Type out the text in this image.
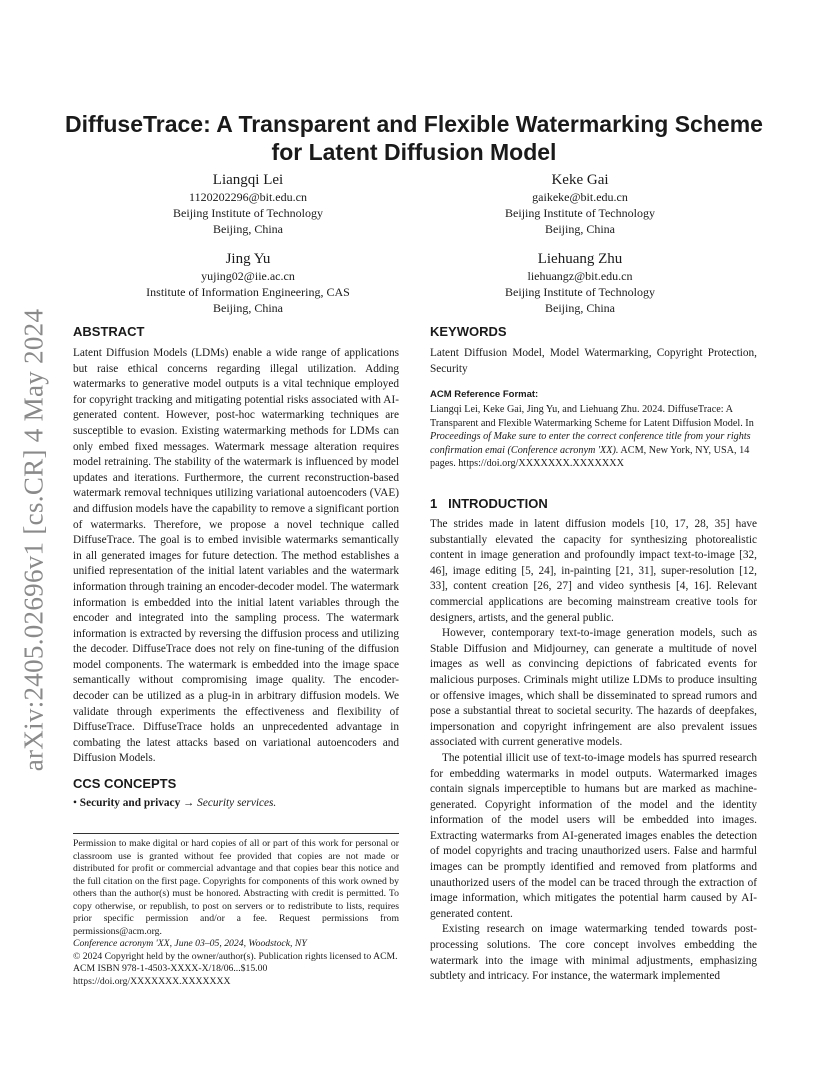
arXiv:2405.02696v1 [cs.CR] 4 May 2024
DiffuseTrace: A Transparent and Flexible Watermarking Scheme
for Latent Diffusion Model
Liangqi Lei
1120202296@bit.edu.cn
Beijing Institute of Technology
Beijing, China
Keke Gai
gaikeke@bit.edu.cn
Beijing Institute of Technology
Beijing, China
Jing Yu
yujing02@iie.ac.cn
Institute of Information Engineering, CAS
Beijing, China
Liehuang Zhu
liehuangz@bit.edu.cn
Beijing Institute of Technology
Beijing, China
ABSTRACT
Latent Diffusion Models (LDMs) enable a wide range of applications but raise ethical concerns regarding illegal utilization. Adding watermarks to generative model outputs is a vital technique employed for copyright tracking and mitigating potential risks associated with AI-generated content. However, post-hoc watermarking techniques are susceptible to evasion. Existing watermarking methods for LDMs can only embed fixed messages. Watermark message alteration requires model retraining. The stability of the watermark is influenced by model updates and iterations. Furthermore, the current reconstruction-based watermark removal techniques utilizing variational autoencoders (VAE) and diffusion models have the capability to remove a significant portion of watermarks. Therefore, we propose a novel technique called DiffuseTrace. The goal is to embed invisible watermarks semantically in all generated images for future detection. The method establishes a unified representation of the initial latent variables and the watermark information through training an encoder-decoder model. The watermark information is embedded into the initial latent variables through the encoder and integrated into the sampling process. The watermark information is extracted by reversing the diffusion process and utilizing the decoder. DiffuseTrace does not rely on fine-tuning of the diffusion model components. The watermark is embedded into the image space semantically without compromising image quality. The encoder-decoder can be utilized as a plug-in in arbitrary diffusion models. We validate through experiments the effectiveness and flexibility of DiffuseTrace. DiffuseTrace holds an unprecedented advantage in combating the latest attacks based on variational autoencoders and Diffusion Models.
CCS CONCEPTS
• Security and privacy → Security services.
Permission to make digital or hard copies of all or part of this work for personal or classroom use is granted without fee provided that copies are not made or distributed for profit or commercial advantage and that copies bear this notice and the full citation on the first page. Copyrights for components of this work owned by others than the author(s) must be honored. Abstracting with credit is permitted. To copy otherwise, or republish, to post on servers or to redistribute to lists, requires prior specific permission and/or a fee. Request permissions from permissions@acm.org.
Conference acronym 'XX, June 03–05, 2024, Woodstock, NY
© 2024 Copyright held by the owner/author(s). Publication rights licensed to ACM.
ACM ISBN 978-1-4503-XXXX-X/18/06...$15.00
https://doi.org/XXXXXXX.XXXXXXX
KEYWORDS
Latent Diffusion Model, Model Watermarking, Copyright Protection, Security
ACM Reference Format:
Liangqi Lei, Keke Gai, Jing Yu, and Liehuang Zhu. 2024. DiffuseTrace: A Transparent and Flexible Watermarking Scheme for Latent Diffusion Model. In Proceedings of Make sure to enter the correct conference title from your rights confirmation emai (Conference acronym 'XX). ACM, New York, NY, USA, 14 pages. https://doi.org/XXXXXXX.XXXXXXX
1 INTRODUCTION
The strides made in latent diffusion models [10, 17, 28, 35] have substantially elevated the capacity for synthesizing photorealistic content in image generation and profoundly impact text-to-image [32, 46], image editing [5, 24], in-painting [21, 31], super-resolution [12, 33], content creation [26, 27] and video synthesis [4, 16]. Relevant commercial applications are becoming mainstream creative tools for designers, artists, and the general public.
However, contemporary text-to-image generation models, such as Stable Diffusion and Midjourney, can generate a multitude of novel images as well as convincing depictions of fabricated events for malicious purposes. Criminals might utilize LDMs to produce insulting or offensive images, which shall be disseminated to spread rumors and pose a substantial threat to societal security. The hazards of deepfakes, impersonation and copyright infringement are also prevalent issues associated with current generative models.
The potential illicit use of text-to-image models has spurred research for embedding watermarks in model outputs. Watermarked images contain signals imperceptible to humans but are marked as machine-generated. Copyright information of the model and the identity information of the model users will be embedded into images. Extracting watermarks from AI-generated images enables the detection of model copyrights and tracing unauthorized users. False and harmful images can be promptly identified and removed from platforms and unauthorized users of the model can be traced through the extraction of image information, which mitigates the potential harm caused by AI-generated content.
Existing research on image watermarking tended towards post-processing solutions. The core concept involves embedding the watermark into the image with minimal adjustments, emphasizing subtlety and intricacy. For instance, the watermark implemented
